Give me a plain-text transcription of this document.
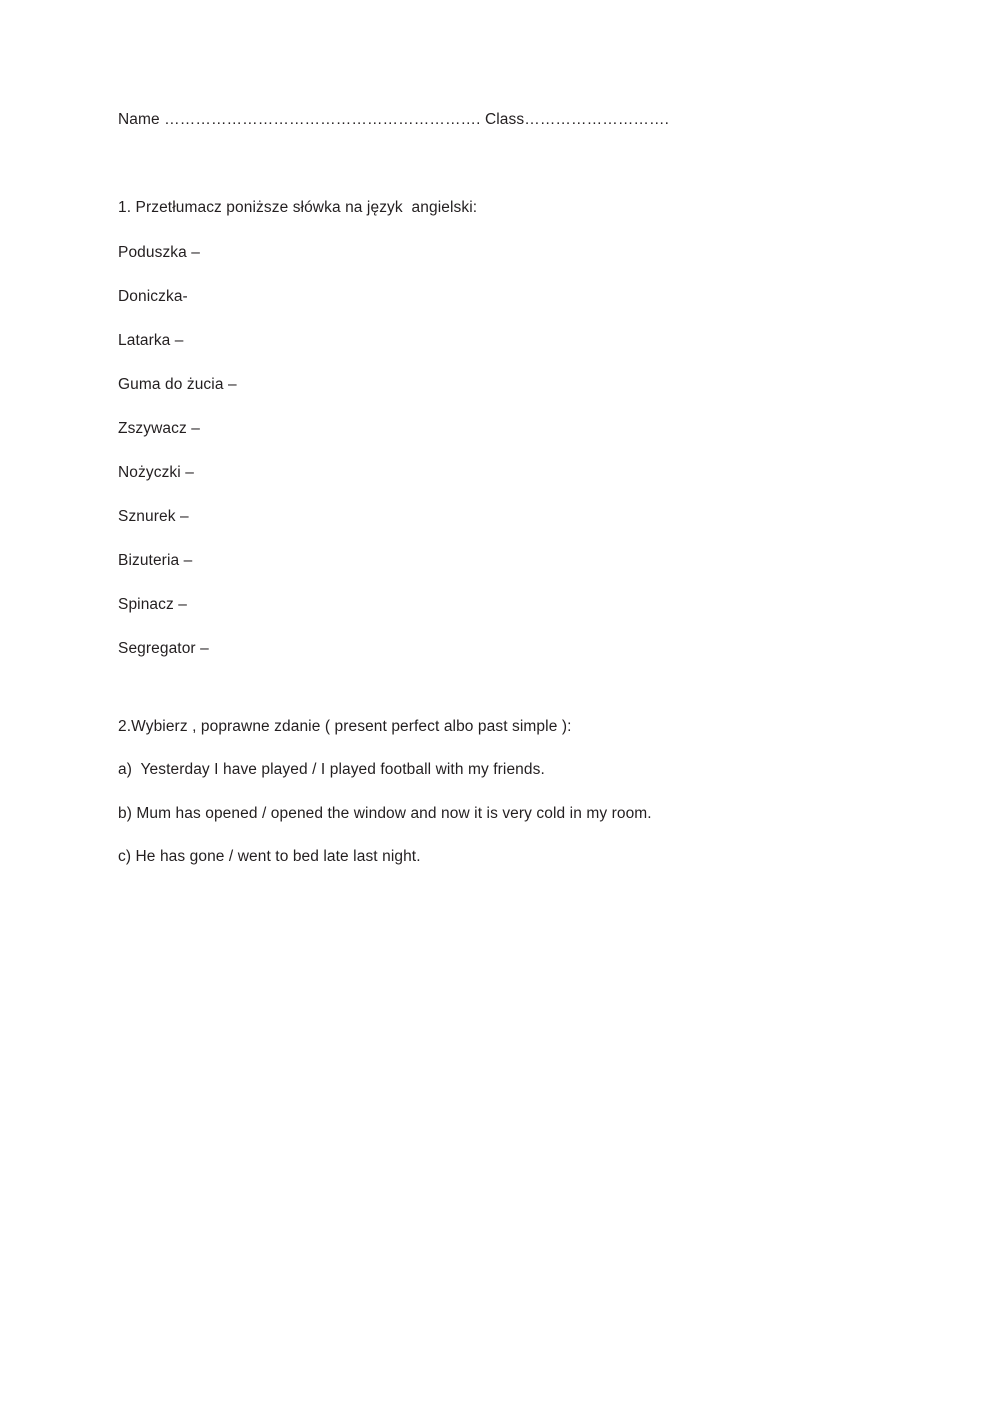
Name ……………………………………………………. Class……………………….
1. Przetłumacz poniższe słówka na język  angielski:
Poduszka –
Doniczka-
Latarka –
Guma do żucia –
Zszywacz –
Nożyczki –
Sznurek –
Bizuteria –
Spinacz –
Segregator –
2.Wybierz , poprawne zdanie ( present perfect albo past simple ):
a)  Yesterday I have played / I played football with my friends.
b) Mum has opened / opened the window and now it is very cold in my room.
c) He has gone / went to bed late last night.
